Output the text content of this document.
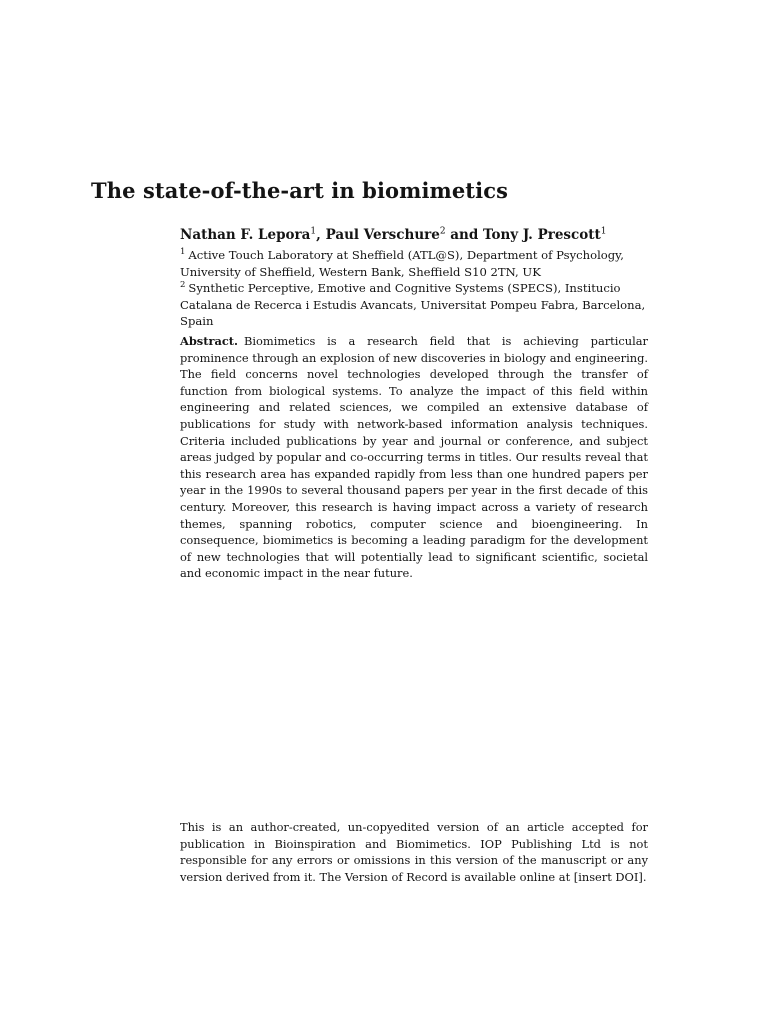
The state-of-the-art in biomimetics
Nathan F. Lepora$^1$, Paul Verschure$^2$ and Tony J. Prescott$^1$
$^1$ Active Touch Laboratory at Sheffield (ATL@S), Department of Psychology, University of Sheffield, Western Bank, Sheffield S10 2TN, UK
$^2$ Synthetic Perceptive, Emotive and Cognitive Systems (SPECS), Institucio Catalana de Recerca i Estudis Avancats, Universitat Pompeu Fabra, Barcelona, Spain
Abstract. Biomimetics is a research field that is achieving particular prominence through an explosion of new discoveries in biology and engineering. The field concerns novel technologies developed through the transfer of function from biological systems. To analyze the impact of this field within engineering and related sciences, we compiled an extensive database of publications for study with network-based information analysis techniques. Criteria included publications by year and journal or conference, and subject areas judged by popular and co-occurring terms in titles. Our results reveal that this research area has expanded rapidly from less than one hundred papers per year in the 1990s to several thousand papers per year in the first decade of this century. Moreover, this research is having impact across a variety of research themes, spanning robotics, computer science and bioengineering. In consequence, biomimetics is becoming a leading paradigm for the development of new technologies that will potentially lead to significant scientific, societal and economic impact in the near future.
This is an author-created, un-copyedited version of an article accepted for publication in Bioinspiration and Biomimetics. IOP Publishing Ltd is not responsible for any errors or omissions in this version of the manuscript or any version derived from it. The Version of Record is available online at [insert DOI].
